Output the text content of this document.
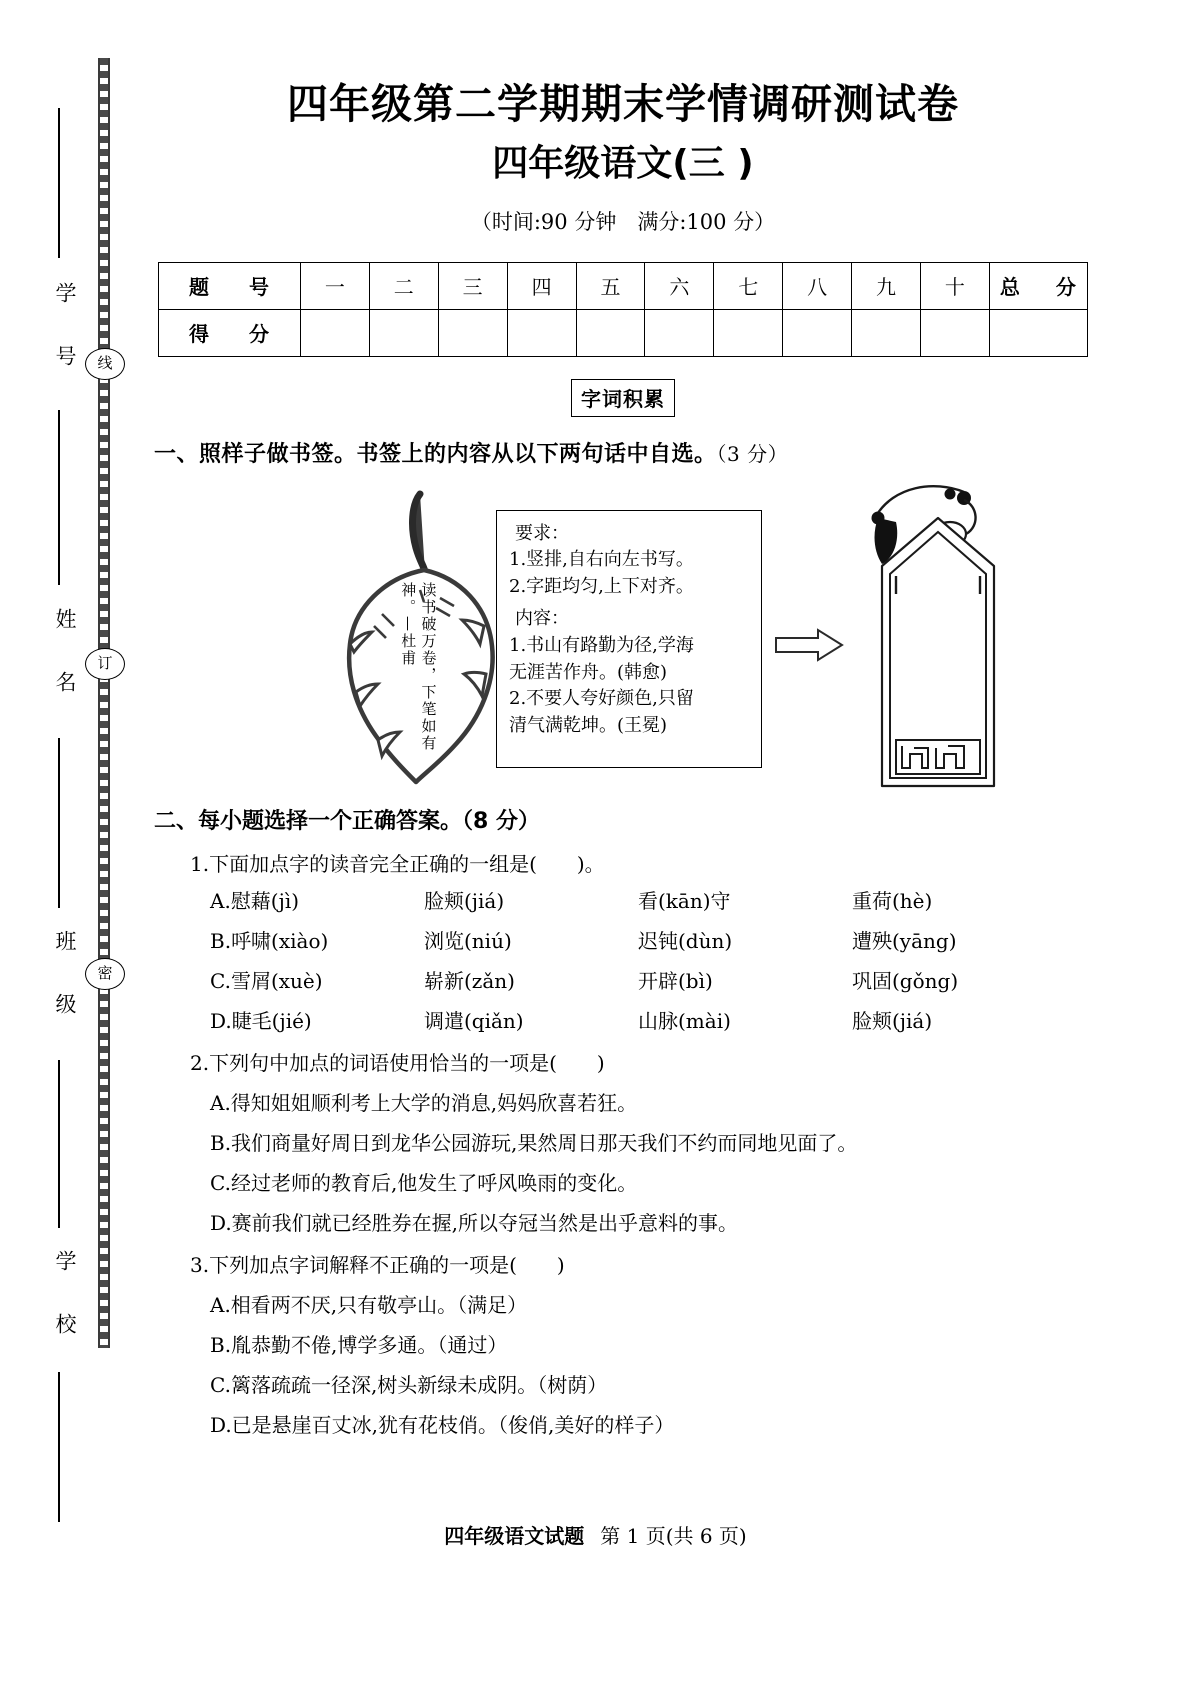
线
订
密
学 号
姓 名
班 级
学 校
四年级第二学期期末学情调研测试卷
四年级语文(三 )
（时间:90 分钟　满分:100 分）
题　号	一	二	三	四	五	六	七	八	九	十	总　分
得　分											
字词积累
一、照样子做书签。书签上的内容从以下两句话中自选。（3 分）
读书破万卷，下笔如有神。—杜甫
要求：
1.竖排,自右向左书写。
2.字距均匀,上下对齐。
内容：
1.书山有路勤为径,学海
无涯苦作舟。(韩愈)
2.不要人夸好颜色,只留
清气满乾坤。(王冕)
二、每小题选择一个正确答案。（8 分）
1.下面加点字的读音完全正确的一组是(　　)。
A.慰藉(jì)	脸颊(jiá)	看(kān)守	重荷(hè)
B.呼啸(xiào)	浏览(niú)	迟钝(dùn)	遭殃(yāng)
C.雪屑(xuè)	崭新(zǎn)	开辟(bì)	巩固(gǒng)
D.睫毛(jié)	调遣(qiǎn)	山脉(mài)	脸颊(jiá)
2.下列句中加点的词语使用恰当的一项是(　　)
A.得知姐姐顺利考上大学的消息,妈妈欣喜若狂。
B.我们商量好周日到龙华公园游玩,果然周日那天我们不约而同地见面了。
C.经过老师的教育后,他发生了呼风唤雨的变化。
D.赛前我们就已经胜券在握,所以夺冠当然是出乎意料的事。
3.下列加点字词解释不正确的一项是(　　)
A.相看两不厌,只有敬亭山。（满足）
B.胤恭勤不倦,博学多通。（通过）
C.篱落疏疏一径深,树头新绿未成阴。（树荫）
D.已是悬崖百丈冰,犹有花枝俏。（俊俏,美好的样子）
四年级语文试题 第 1 页(共 6 页)
